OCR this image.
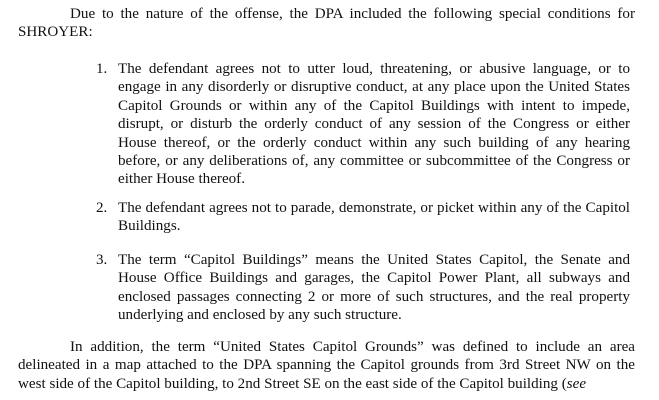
Due to the nature of the offense, the DPA included the following special conditions for SHROYER:

1. The defendant agrees not to utter loud, threatening, or abusive language, or to engage in any disorderly or disruptive conduct, at any place upon the United States Capitol Grounds or within any of the Capitol Buildings with intent to impede, disrupt, or disturb the orderly conduct of any session of the Congress or either House thereof, or the orderly conduct within any such building of any hearing before, or any deliberations of, any committee or subcommittee of the Congress or either House thereof.
2. The defendant agrees not to parade, demonstrate, or picket within any of the Capitol Buildings.
3. The term “Capitol Buildings” means the United States Capitol, the Senate and House Office Buildings and garages, the Capitol Power Plant, all subways and enclosed passages connecting 2 or more of such structures, and the real property underlying and enclosed by any such structure.

In addition, the term “United States Capitol Grounds” was defined to include an area delineated in a map attached to the DPA spanning the Capitol grounds from 3rd Street NW on the west side of the Capitol building, to 2nd Street SE on the east side of the Capitol building (see
